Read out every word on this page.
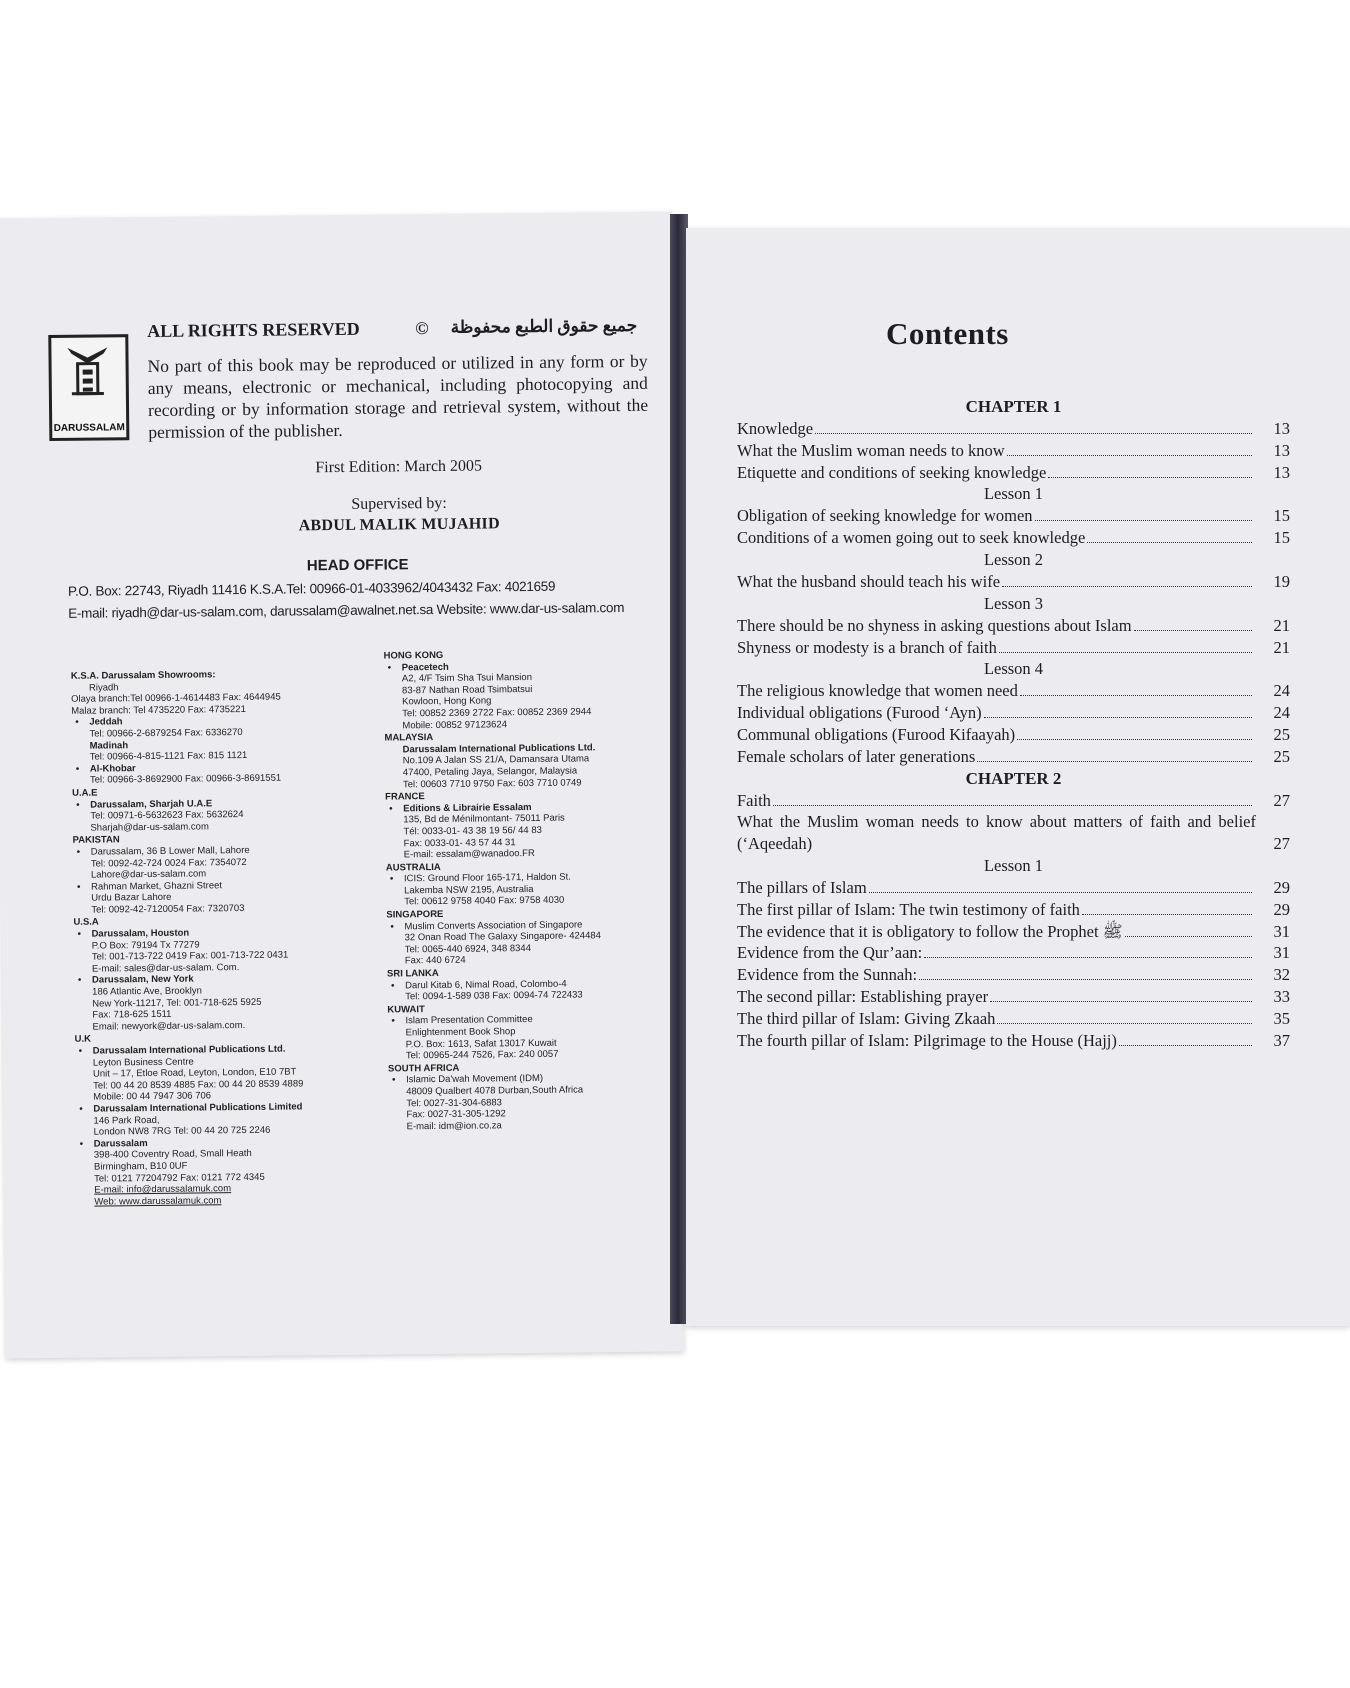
DARUSSALAM
ALL RIGHTS RESERVED	© جميع حقوق الطبع محفوظة
No part of this book may be reproduced or utilized in any form or by any means, electronic or mechanical, including photocopying and recording or by information storage and retrieval system, without the permission of the publisher.
First Edition: March 2005
Supervised by:
ABDUL MALIK MUJAHID
HEAD OFFICE
P.O. Box: 22743, Riyadh 11416 K.S.A.Tel: 00966-01-4033962/4043432 Fax: 4021659
E-mail: riyadh@dar-us-salam.com, darussalam@awalnet.net.sa Website: www.dar-us-salam.com
K.S.A. Darussalam Showrooms:
Riyadh
Olaya branch:Tel 00966-1-4614483 Fax: 4644945
Malaz branch: Tel 4735220 Fax: 4735221
• Jeddah
Tel: 00966-2-6879254 Fax: 6336270
Madinah
Tel: 00966-4-815-1121 Fax: 815 1121
• Al-Khobar
Tel: 00966-3-8692900 Fax: 00966-3-8691551
U.A.E
• Darussalam, Sharjah U.A.E
Tel: 00971-6-5632623 Fax: 5632624
Sharjah@dar-us-salam.com
PAKISTAN
• Darussalam, 36 B Lower Mall, Lahore
Tel: 0092-42-724 0024 Fax: 7354072
Lahore@dar-us-salam.com
• Rahman Market, Ghazni Street
Urdu Bazar Lahore
Tel: 0092-42-7120054 Fax: 7320703
U.S.A
• Darussalam, Houston
P.O Box: 79194 Tx 77279
Tel: 001-713-722 0419 Fax: 001-713-722 0431
E-mail: sales@dar-us-salam. Com.
• Darussalam, New York
186 Atlantic Ave, Brooklyn
New York-11217, Tel: 001-718-625 5925
Fax: 718-625 1511
Email: newyork@dar-us-salam.com.
U.K
• Darussalam International Publications Ltd.
Leyton Business Centre
Unit – 17, Etloe Road, Leyton, London, E10 7BT
Tel: 00 44 20 8539 4885 Fax: 00 44 20 8539 4889
Mobile: 00 44 7947 306 706
• Darussalam International Publications Limited
146 Park Road,
London NW8 7RG Tel: 00 44 20 725 2246
• Darussalam
398-400 Coventry Road, Small Heath
Birmingham, B10 0UF
Tel: 0121 77204792 Fax: 0121 772 4345
E-mail: info@darussalamuk.com
Web: www.darussalamuk.com
HONG KONG
• Peacetech
A2, 4/F Tsim Sha Tsui Mansion
83-87 Nathan Road Tsimbatsui
Kowloon, Hong Kong
Tel: 00852 2369 2722 Fax: 00852 2369 2944
Mobile: 00852 97123624
MALAYSIA
Darussalam International Publications Ltd.
No.109 A Jalan SS 21/A, Damansara Utama
47400, Petaling Jaya, Selangor, Malaysia
Tel: 00603 7710 9750 Fax: 603 7710 0749
FRANCE
• Editions & Librairie Essalam
135, Bd de Ménilmontant- 75011 Paris
Tél: 0033-01- 43 38 19 56/ 44 83
Fax: 0033-01- 43 57 44 31
E-mail: essalam@wanadoo.FR
AUSTRALIA
• ICIS: Ground Floor 165-171, Haldon St.
Lakemba NSW 2195, Australia
Tel: 00612 9758 4040 Fax: 9758 4030
SINGAPORE
• Muslim Converts Association of Singapore
32 Onan Road The Galaxy Singapore- 424484
Tel: 0065-440 6924, 348 8344
Fax: 440 6724
SRI LANKA
• Darul Kitab 6, Nimal Road, Colombo-4
Tel: 0094-1-589 038 Fax: 0094-74 722433
KUWAIT
• Islam Presentation Committee
Enlightenment Book Shop
P.O. Box: 1613, Safat 13017 Kuwait
Tel: 00965-244 7526, Fax: 240 0057
SOUTH AFRICA
• Islamic Da'wah Movement (IDM)
48009 Qualbert 4078 Durban,South Africa
Tel: 0027-31-304-6883
Fax: 0027-31-305-1292
E-mail: idm@ion.co.za
Contents
CHAPTER 1
Knowledge	13
What the Muslim woman needs to know	13
Etiquette and conditions of seeking knowledge	13
Lesson 1
Obligation of seeking knowledge for women	15
Conditions of a women going out to seek knowledge	15
Lesson 2
What the husband should teach his wife	19
Lesson 3
There should be no shyness in asking questions about Islam	21
Shyness or modesty is a branch of faith	21
Lesson 4
The religious knowledge that women need	24
Individual obligations (Furood ‘Ayn)	24
Communal obligations (Furood Kifaayah)	25
Female scholars of later generations	25
CHAPTER 2
Faith	27
What the Muslim woman needs to know about matters of faith and belief (‘Aqeedah)	27
Lesson 1
The pillars of Islam	29
The first pillar of Islam: The twin testimony of faith	29
The evidence that it is obligatory to follow the Prophet ﷺ	31
Evidence from the Qur’aan:	31
Evidence from the Sunnah:	32
The second pillar: Establishing prayer	33
The third pillar of Islam: Giving Zkaah	35
The fourth pillar of Islam: Pilgrimage to the House (Hajj)	37
